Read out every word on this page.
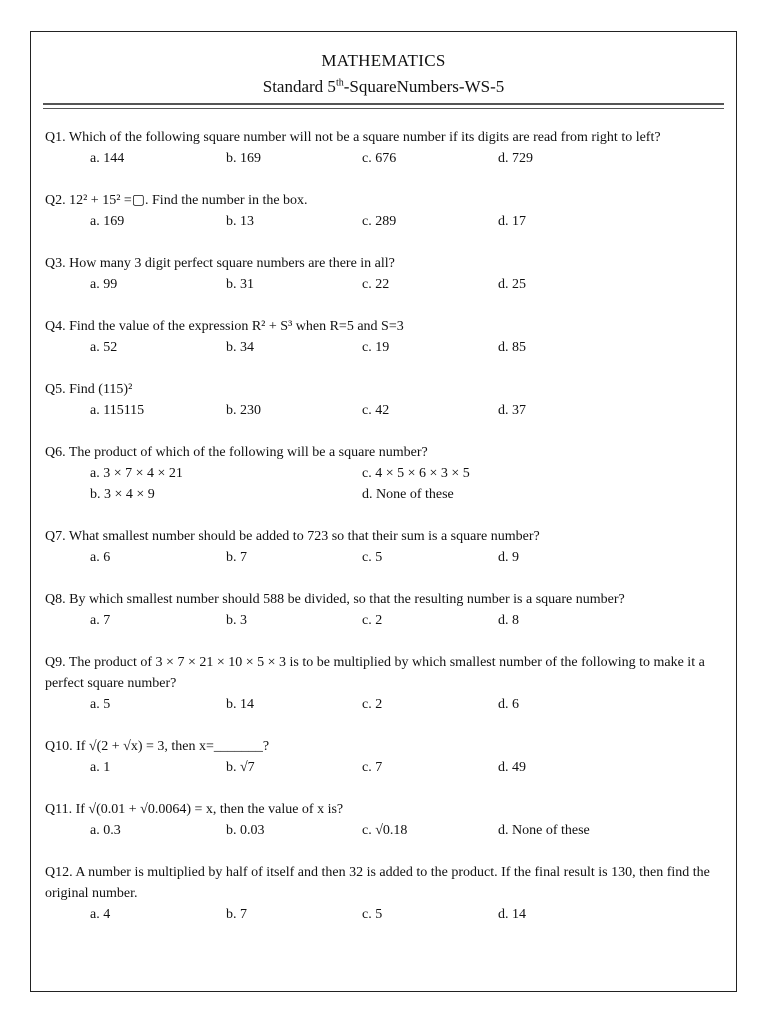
MATHEMATICS
Standard 5th-SquareNumbers-WS-5
Q1. Which of the following square number will not be a square number if its digits are read from right to left?
a. 144	b. 169	c. 676	d. 729
Q2. 12² + 15² =▢. Find the number in the box.
a. 169	b. 13	c. 289	d. 17
Q3. How many 3 digit perfect square numbers are there in all?
a. 99	b. 31	c. 22	d. 25
Q4. Find the value of the expression R² + S³ when R=5 and S=3
a. 52	b. 34	c. 19	d. 85
Q5. Find (115)²
a. 115115	b. 230	c. 42	d. 37
Q6. The product of which of the following will be a square number?
a. 3 × 7 × 4 × 21	c. 4 × 5 × 6 × 3 × 5
b. 3 × 4 × 9	d. None of these
Q7. What smallest number should be added to 723 so that their sum is a square number?
a. 6	b. 7	c. 5	d. 9
Q8. By which smallest number should 588 be divided, so that the resulting number is a square number?
a. 7	b. 3	c. 2	d. 8
Q9. The product of 3 × 7 × 21 × 10 × 5 × 3 is to be multiplied by which smallest number of the following to make it a perfect square number?
a. 5	b. 14	c. 2	d. 6
Q10. If √(2 + √x) = 3, then x=_______?
a. 1	b. √7	c. 7	d. 49
Q11. If √(0.01 + √0.0064) = x, then the value of x is?
a. 0.3	b. 0.03	c. √0.18	d. None of these
Q12. A number is multiplied by half of itself and then 32 is added to the product. If the final result is 130, then find the original number.
a. 4	b. 7	c. 5	d. 14
